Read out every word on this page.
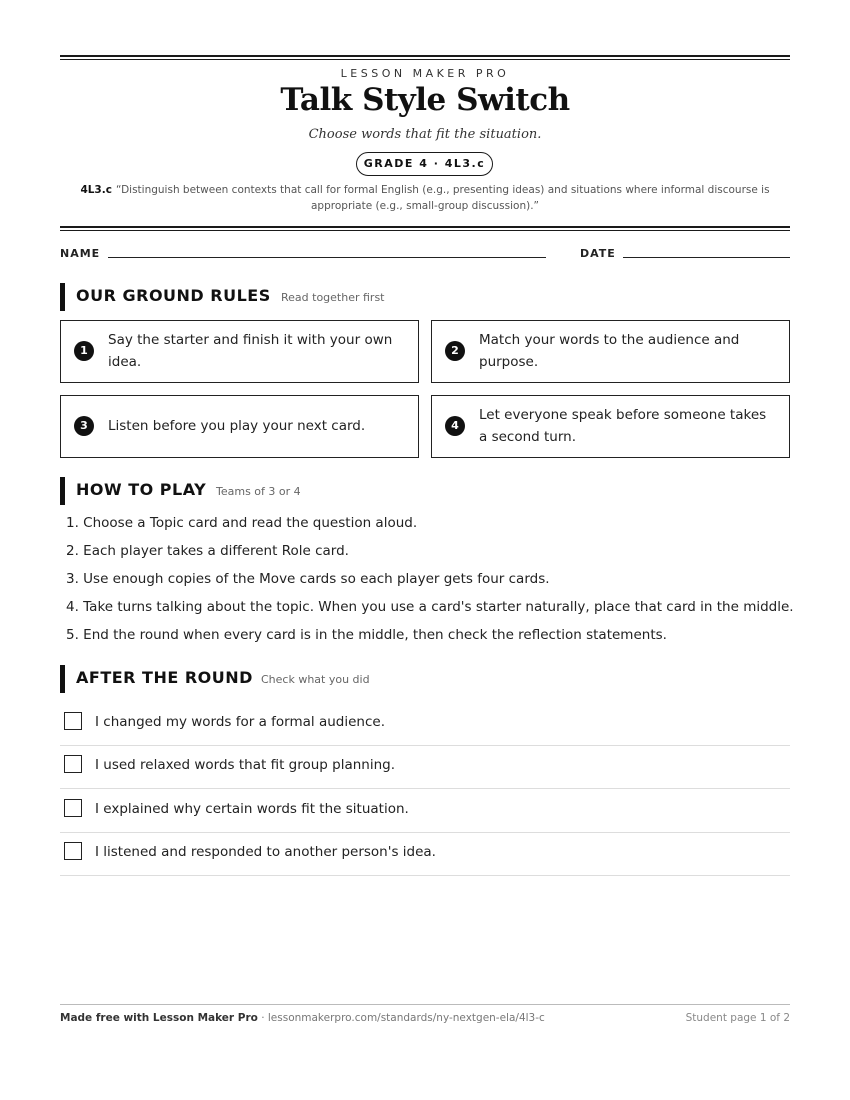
LESSON MAKER PRO
Talk Style Switch
Choose words that fit the situation.
GRADE 4 · 4L3.c
4L3.c “Distinguish between contexts that call for formal English (e.g., presenting ideas) and situations where informal discourse is appropriate (e.g., small-group discussion).”
NAME	DATE
OUR GROUND RULES Read together first
1
Say the starter and finish it with your own idea.
2
Match your words to the audience and purpose.
3	Listen before you play your next card.	4
Let everyone speak before someone takes a second turn.
HOW TO PLAY Teams of 3 or 4
1. Choose a Topic card and read the question aloud.
2. Each player takes a different Role card.
3. Use enough copies of the Move cards so each player gets four cards.
4. Take turns talking about the topic. When you use a card's starter naturally, place that card in the middle.
5. End the round when every card is in the middle, then check the reflection statements.
AFTER THE ROUND Check what you did
I changed my words for a formal audience.
I used relaxed words that fit group planning.
I explained why certain words fit the situation.
I listened and responded to another person's idea.
Made free with Lesson Maker Pro · lessonmakerpro.com/standards/ny-nextgen-ela/4l3-c	Student page 1 of 2
